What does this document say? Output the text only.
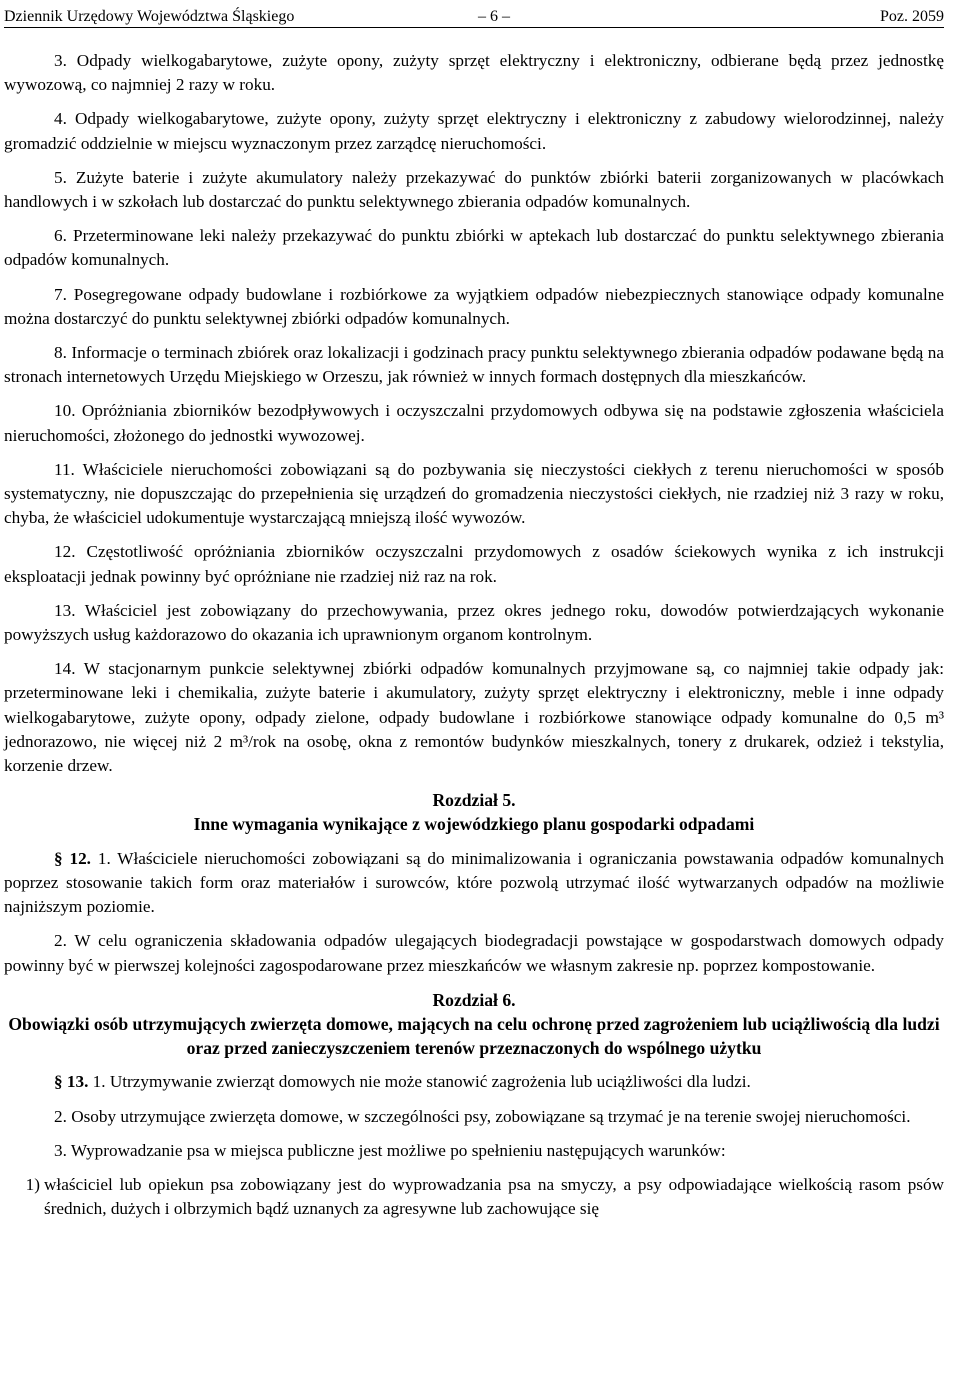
Dziennik Urzędowy Województwa Śląskiego	– 6 –	Poz. 2059

3. Odpady wielkogabarytowe, zużyte opony, zużyty sprzęt elektryczny i elektroniczny, odbierane będą przez jednostkę wywozową, co najmniej 2 razy w roku.

4. Odpady wielkogabarytowe, zużyte opony, zużyty sprzęt elektryczny i elektroniczny z zabudowy wielorodzinnej, należy gromadzić oddzielnie w miejscu wyznaczonym przez zarządcę nieruchomości.

5. Zużyte baterie i zużyte akumulatory należy przekazywać do punktów zbiórki baterii zorganizowanych w placówkach handlowych i w szkołach lub dostarczać do punktu selektywnego zbierania odpadów komunalnych.

6. Przeterminowane leki należy przekazywać do punktu zbiórki w aptekach lub dostarczać do punktu selektywnego zbierania odpadów komunalnych.

7. Posegregowane odpady budowlane i rozbiórkowe za wyjątkiem odpadów niebezpiecznych stanowiące odpady komunalne można dostarczyć do punktu selektywnej zbiórki odpadów komunalnych.

8. Informacje o terminach zbiórek oraz lokalizacji i godzinach pracy punktu selektywnego zbierania odpadów podawane będą na stronach internetowych Urzędu Miejskiego w Orzeszu, jak również w innych formach dostępnych dla mieszkańców.

10. Opróżniania zbiorników bezodpływowych i oczyszczalni przydomowych odbywa się na podstawie zgłoszenia właściciela nieruchomości, złożonego do jednostki wywozowej.

11. Właściciele nieruchomości zobowiązani są do pozbywania się nieczystości ciekłych z terenu nieruchomości w sposób systematyczny, nie dopuszczając do przepełnienia się urządzeń do gromadzenia nieczystości ciekłych, nie rzadziej niż 3 razy w roku, chyba, że właściciel udokumentuje wystarczającą mniejszą ilość wywozów.

12. Częstotliwość opróżniania zbiorników oczyszczalni przydomowych z osadów ściekowych wynika z ich instrukcji eksploatacji jednak powinny być opróżniane nie rzadziej niż raz na rok.

13. Właściciel jest zobowiązany do przechowywania, przez okres jednego roku, dowodów potwierdzających wykonanie powyższych usług każdorazowo do okazania ich uprawnionym organom kontrolnym.

14. W stacjonarnym punkcie selektywnej zbiórki odpadów komunalnych przyjmowane są, co najmniej takie odpady jak: przeterminowane leki i chemikalia, zużyte baterie i akumulatory, zużyty sprzęt elektryczny i elektroniczny, meble i inne odpady wielkogabarytowe, zużyte opony, odpady zielone, odpady budowlane i rozbiórkowe stanowiące odpady komunalne do 0,5 m³ jednorazowo, nie więcej niż 2 m³/rok na osobę, okna z remontów budynków mieszkalnych, tonery z drukarek, odzież i tekstylia, korzenie drzew.

Rozdział 5.
Inne wymagania wynikające z wojewódzkiego planu gospodarki odpadami

§ 12. 1. Właściciele nieruchomości zobowiązani są do minimalizowania i ograniczania powstawania odpadów komunalnych poprzez stosowanie takich form oraz materiałów i surowców, które pozwolą utrzymać ilość wytwarzanych odpadów na możliwie najniższym poziomie.

2. W celu ograniczenia składowania odpadów ulegających biodegradacji powstające w gospodarstwach domowych odpady powinny być w pierwszej kolejności zagospodarowane przez mieszkańców we własnym zakresie np. poprzez kompostowanie.

Rozdział 6.
Obowiązki osób utrzymujących zwierzęta domowe, mających na celu ochronę przed zagrożeniem lub uciążliwością dla ludzi oraz przed zanieczyszczeniem terenów przeznaczonych do wspólnego użytku

§ 13. 1. Utrzymywanie zwierząt domowych nie może stanowić zagrożenia lub uciążliwości dla ludzi.

2. Osoby utrzymujące zwierzęta domowe, w szczególności psy, zobowiązane są trzymać je na terenie swojej nieruchomości.

3. Wyprowadzanie psa w miejsca publiczne jest możliwe po spełnieniu następujących warunków:

1) właściciel lub opiekun psa zobowiązany jest do wyprowadzania psa na smyczy, a psy odpowiadające wielkością rasom psów średnich, dużych i olbrzymich bądź uznanych za agresywne lub zachowujące się
